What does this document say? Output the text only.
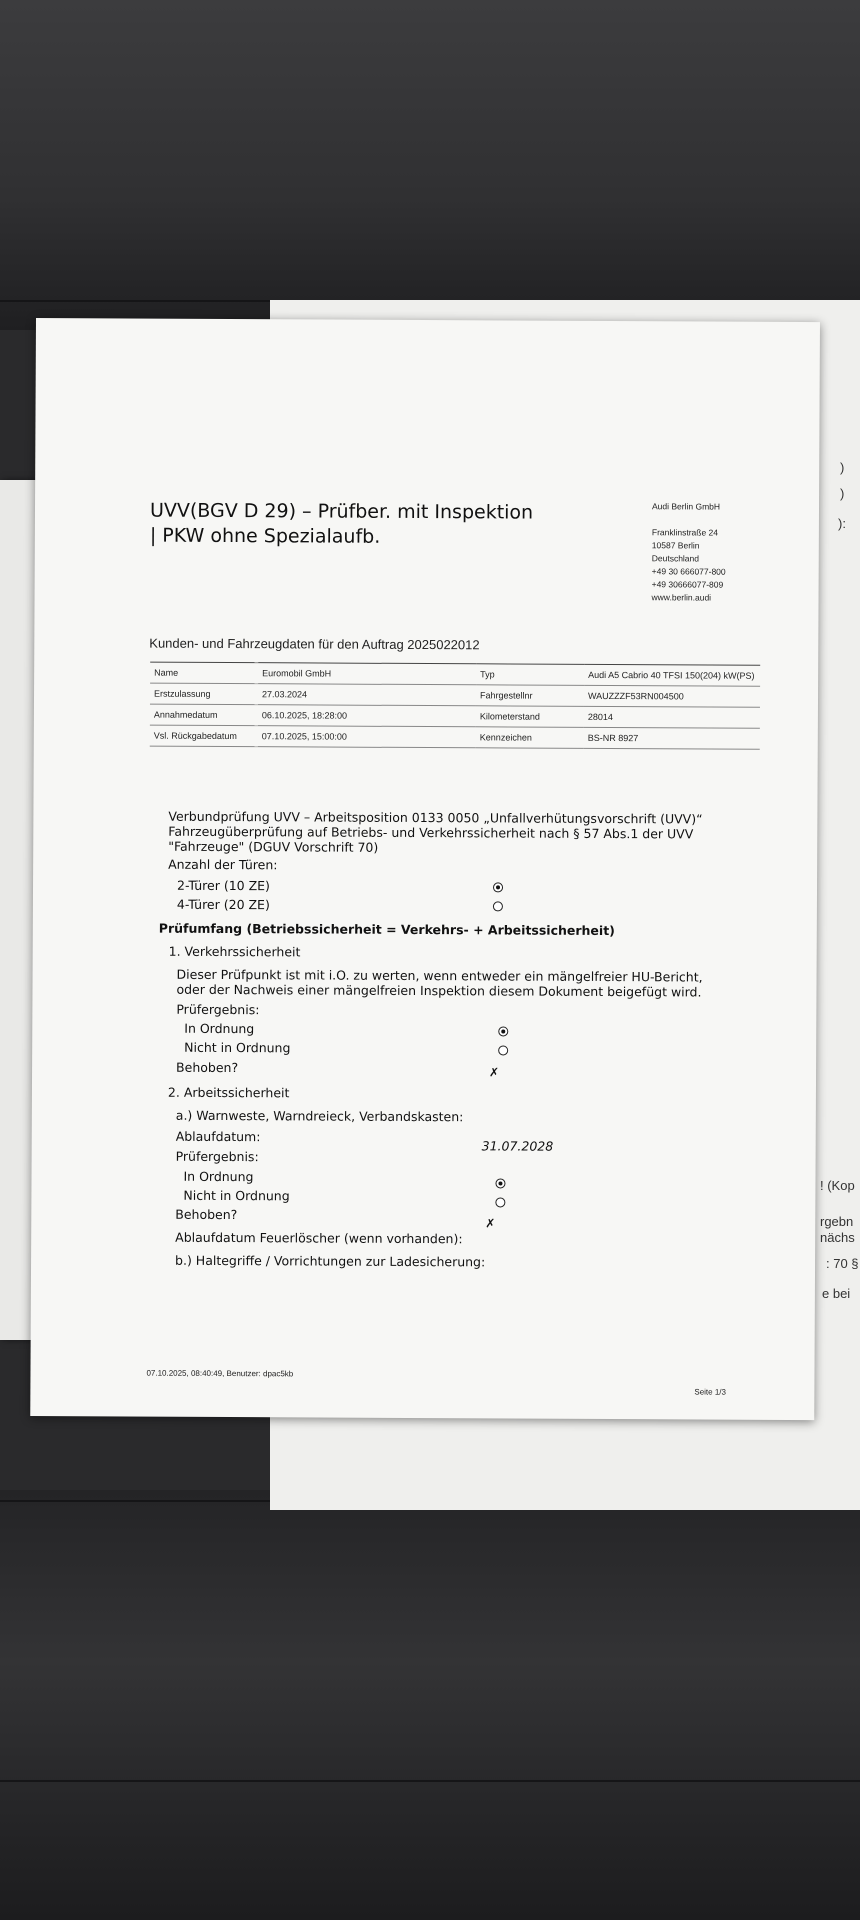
)
)
):
! (Kop
rgebn
nächs
: 70 §
e bei
UVV(BGV D 29) – Prüfber. mit Inspektion
| PKW ohne Spezialaufb.
Audi Berlin GmbH
Franklinstraße 24
10587 Berlin
Deutschland
+49 30 666077-800
+49 30666077-809
www.berlin.audi
Kunden- und Fahrzeugdaten für den Auftrag 2025022012
Name	Euromobil GmbH	Typ	Audi A5 Cabrio 40 TFSI 150(204) kW(PS)
Erstzulassung	27.03.2024	Fahrgestellnr	WAUZZZF53RN004500
Annahmedatum	06.10.2025, 18:28:00	Kilometerstand	28014
Vsl. Rückgabedatum	07.10.2025, 15:00:00	Kennzeichen	BS-NR 8927
Verbundprüfung UVV – Arbeitsposition 0133 0050 „Unfallverhütungsvorschrift (UVV)“
Fahrzeugüberprüfung auf Betriebs- und Verkehrssicherheit nach § 57 Abs.1 der UVV
"Fahrzeuge" (DGUV Vorschrift 70)
Anzahl der Türen:
2-Türer (10 ZE)
4-Türer (20 ZE)
Prüfumfang (Betriebssicherheit = Verkehrs- + Arbeitssicherheit)
1. Verkehrssicherheit
Dieser Prüfpunkt ist mit i.O. zu werten, wenn entweder ein mängelfreier HU-Bericht,
oder der Nachweis einer mängelfreien Inspektion diesem Dokument beigefügt wird.
Prüfergebnis:
In Ordnung
Nicht in Ordnung
Behoben?	✗
2. Arbeitssicherheit
a.) Warnweste, Warndreieck, Verbandskasten:
Ablaufdatum:
31.07.2028
Prüfergebnis:
In Ordnung
Nicht in Ordnung
Behoben?
✗
Ablaufdatum Feuerlöscher (wenn vorhanden):
b.) Haltegriffe / Vorrichtungen zur Ladesicherung:
07.10.2025, 08:40:49, Benutzer: dpac5kb
Seite 1/3
